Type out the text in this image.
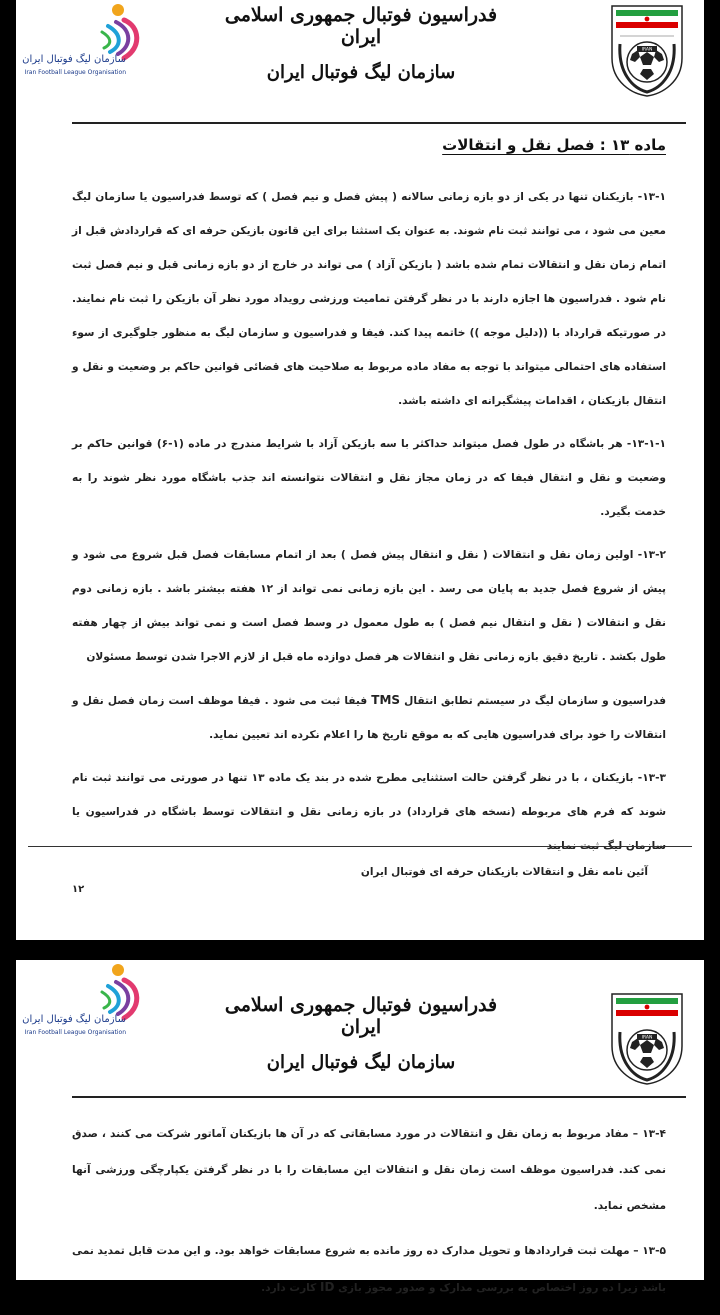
سازمان لیگ فوتبال ایران
Iran Football League Organisation
فدراسیون فوتبال جمهوری اسلامی ایران
سازمان لیگ فوتبال ایران
IRAN
ماده ۱۳ : فصل نقل و انتقالات

۱۳-۱- بازیکنان تنها در یکی از دو بازه زمانی سالانه ( پیش فصل و نیم فصل ) که توسط فدراسیون یا سازمان لیگ معین می شود ، می توانند ثبت نام شوند. به عنوان یک استثنا برای این قانون بازیکن حرفه ای که قراردادش قبل از اتمام زمان نقل و انتقالات تمام شده باشد ( بازیکن آزاد ) می تواند در خارج از دو بازه زمانی قبل و نیم فصل ثبت نام شود . فدراسیون ها اجازه دارند با در نظر گرفتن تمامیت ورزشی رویداد مورد نظر آن بازیکن را ثبت نام نمایند. در صورتیکه قرارداد با ((دلیل موجه )) خاتمه پیدا کند. فیفا و فدراسیون و سازمان لیگ به منظور جلوگیری از سوء استفاده های احتمالی میتواند با توجه به مفاد ماده مربوط به صلاحیت های قضائی قوانین حاکم بر وضعیت و نقل و انتقال بازیکنان ، اقدامات پیشگیرانه ای داشته باشد.

۱۳-۱-۱- هر باشگاه در طول فصل میتواند حداکثر با سه بازیکن آزاد با شرایط مندرج در ماده (۱-۶) قوانین حاکم بر وضعیت و نقل و انتقال فیفا که در زمان مجاز نقل و انتقالات نتوانسته اند جذب باشگاه مورد نظر شوند را به خدمت بگیرد.

۱۳-۲- اولین زمان نقل و انتقالات ( نقل و انتقال پیش فصل ) بعد از اتمام مسابقات فصل قبل شروع می شود و پیش از شروع فصل جدید به پایان می رسد . این بازه زمانی نمی تواند از ۱۲ هفته بیشتر باشد . بازه زمانی دوم نقل و انتقالات ( نقل و انتقال نیم فصل ) به طول معمول در وسط فصل است و نمی تواند بیش از چهار هفته طول بکشد . تاریخ دقیق بازه زمانی نقل و انتقالات هر فصل دوازده ماه قبل از لازم الاجرا شدن توسط مسئولان

فدراسیون و سازمان لیگ در سیستم تطابق انتقال TMS فیفا ثبت می شود . فیفا موظف است زمان فصل نقل و انتقالات را خود برای فدراسیون هایی که به موقع تاریخ ها را اعلام نکرده اند تعیین نماید.

۱۳-۳- بازیکنان ، با در نظر گرفتن حالت استثنایی مطرح شده در بند یک ماده ۱۳ تنها در صورتی می توانند ثبت نام شوند که فرم های مربوطه (نسخه های قرارداد) در بازه زمانی نقل و انتقالات توسط باشگاه در فدراسیون یا سازمان لیگ ثبت نمایند

آئین نامه نقل و انتقالات بازیکنان حرفه ای فوتبال ایران
۱۲
سازمان لیگ فوتبال ایران
Iran Football League Organisation
فدراسیون فوتبال جمهوری اسلامی ایران
سازمان لیگ فوتبال ایران
IRAN

۱۳-۴ – مفاد مربوط به زمان نقل و انتقالات در مورد مسابقاتی که در آن ها بازیکنان آماتور شرکت می کنند ، صدق نمی کند. فدراسیون موظف است زمان نقل و انتقالات این مسابقات را با در نظر گرفتن یکپارچگی ورزشی آنها مشخص نماید.

۱۳-۵ – مهلت ثبت قراردادها و تحویل مدارک ده روز مانده به شروع مسابقات خواهد بود. و این مدت قابل تمدید نمی باشد زیرا ده روز اختصاص به بررسی مدارک و صدور مجوز بازی ID کارت دارد.
